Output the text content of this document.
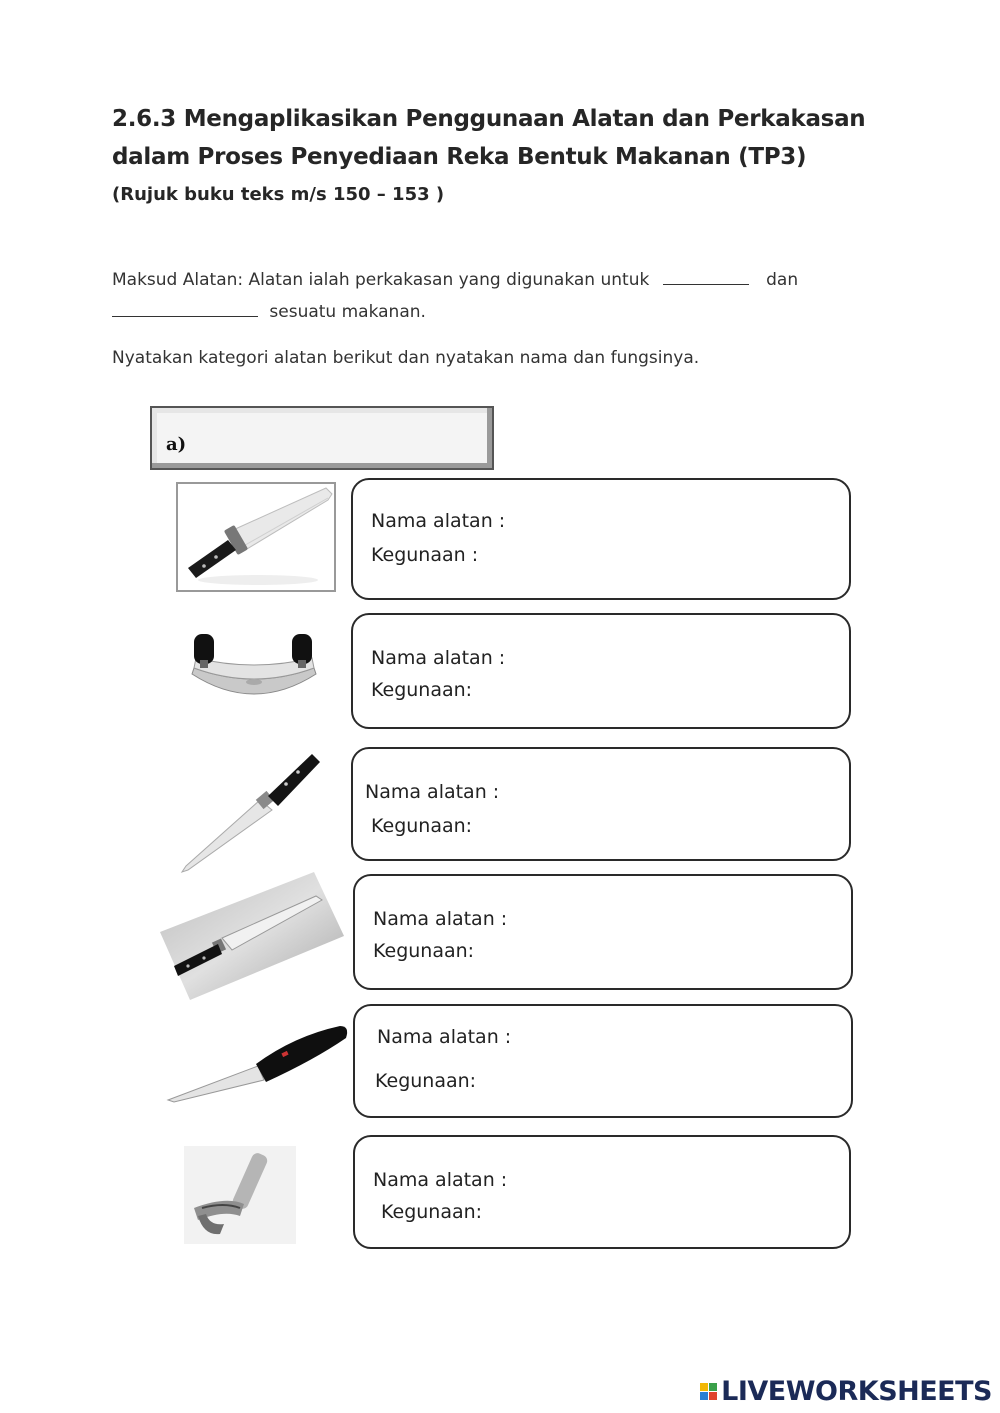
2.6.3 Mengaplikasikan Penggunaan Alatan dan Perkakasan dalam Proses Penyediaan Reka Bentuk Makanan (TP3)
(Rujuk buku teks m/s 150 – 153 )
Maksud Alatan: Alatan ialah perkakasan yang digunakan untuk	dan
sesuatu makanan.
Nyatakan kategori alatan berikut dan nyatakan nama dan fungsinya.
a)
Nama alatan :
Kegunaan :
Nama alatan :
Kegunaan:
Nama alatan :
Kegunaan:
Nama alatan :
Kegunaan:
Nama alatan :
Kegunaan:
Nama alatan :
Kegunaan:
LIVEWORKSHEETS
